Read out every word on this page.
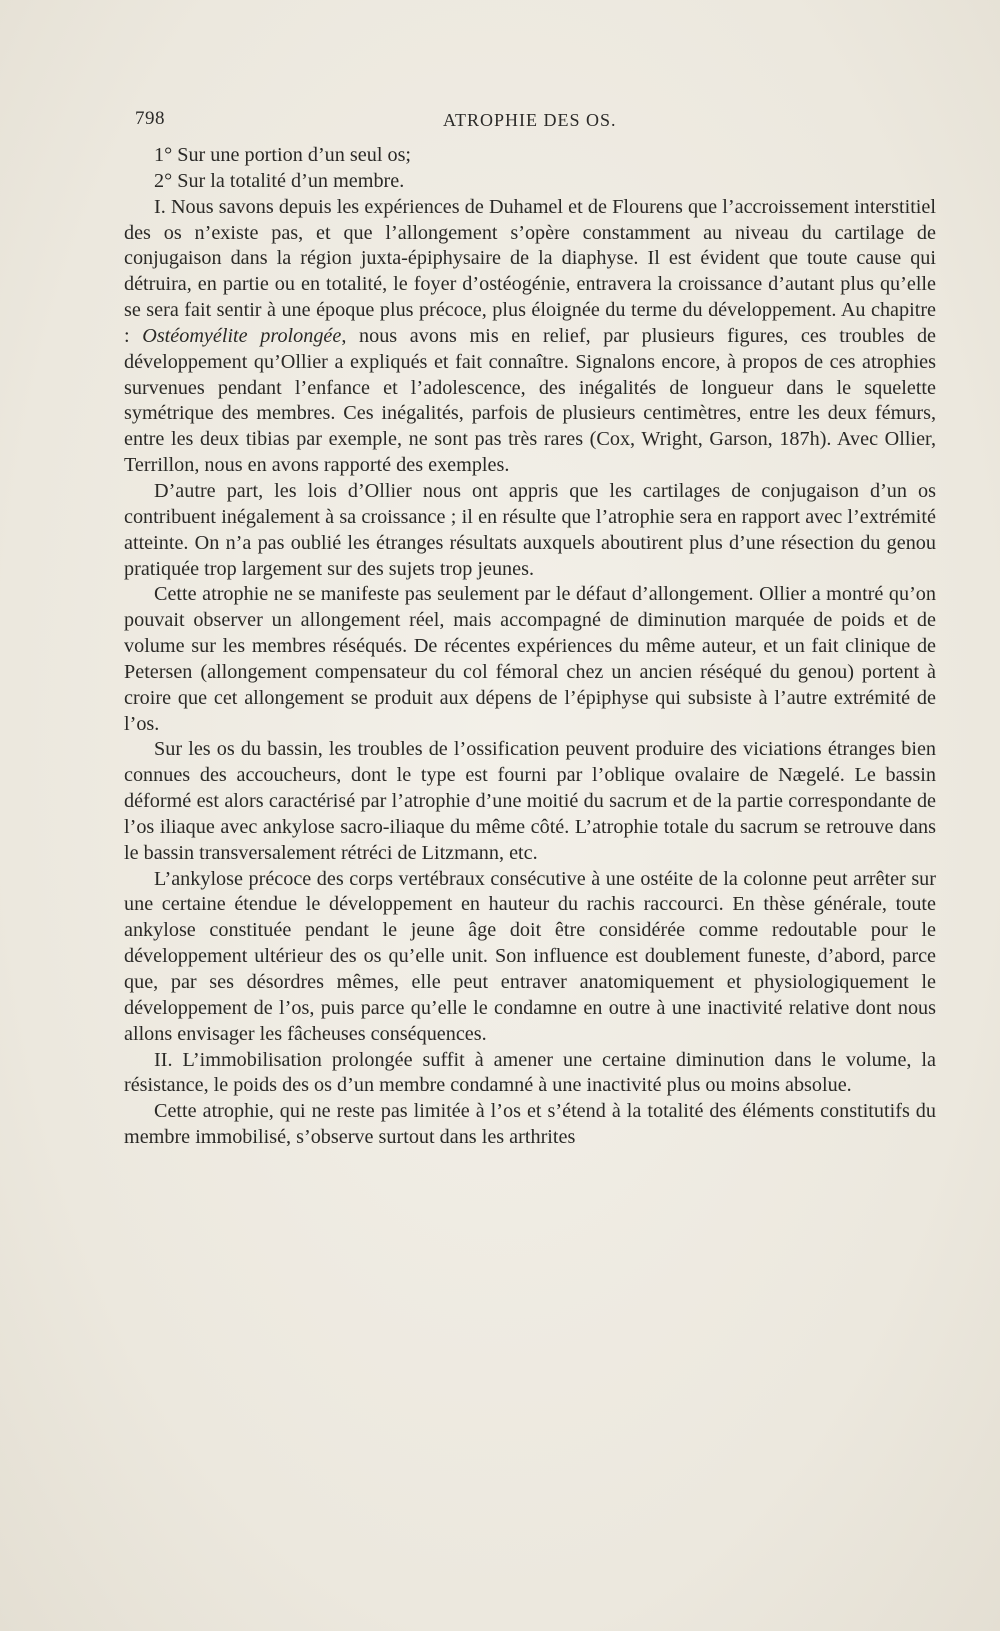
798	ATROPHIE DES OS.

1° Sur une portion d’un seul os;

2° Sur la totalité d’un membre.

I. Nous savons depuis les expériences de Duhamel et de Flourens que l’accroissement interstitiel des os n’existe pas, et que l’allongement s’opère constamment au niveau du cartilage de conjugaison dans la région juxta-épiphysaire de la diaphyse. Il est évident que toute cause qui détruira, en partie ou en totalité, le foyer d’ostéogénie, entravera la croissance d’autant plus qu’elle se sera fait sentir à une époque plus précoce, plus éloignée du terme du développement. Au chapitre : Ostéomyélite prolongée, nous avons mis en relief, par plusieurs figures, ces troubles de développement qu’Ollier a expliqués et fait connaître. Signalons encore, à propos de ces atrophies survenues pendant l’enfance et l’adolescence, des inégalités de longueur dans le squelette symétrique des membres. Ces inégalités, parfois de plusieurs centimètres, entre les deux fémurs, entre les deux tibias par exemple, ne sont pas très rares (Cox, Wright, Garson, 187h). Avec Ollier, Terrillon, nous en avons rapporté des exemples.

D’autre part, les lois d’Ollier nous ont appris que les cartilages de conjugaison d’un os contribuent inégalement à sa croissance ; il en résulte que l’atrophie sera en rapport avec l’extrémité atteinte. On n’a pas oublié les étranges résultats auxquels aboutirent plus d’une résection du genou pratiquée trop largement sur des sujets trop jeunes.

Cette atrophie ne se manifeste pas seulement par le défaut d’allongement. Ollier a montré qu’on pouvait observer un allongement réel, mais accompagné de diminution marquée de poids et de volume sur les membres réséqués. De récentes expériences du même auteur, et un fait clinique de Petersen (allongement compensateur du col fémoral chez un ancien réséqué du genou) portent à croire que cet allongement se produit aux dépens de l’épiphyse qui subsiste à l’autre extrémité de l’os.

Sur les os du bassin, les troubles de l’ossification peuvent produire des viciations étranges bien connues des accoucheurs, dont le type est fourni par l’oblique ovalaire de Nægelé. Le bassin déformé est alors caractérisé par l’atrophie d’une moitié du sacrum et de la partie correspondante de l’os iliaque avec ankylose sacro-iliaque du même côté. L’atrophie totale du sacrum se retrouve dans le bassin transversalement rétréci de Litzmann, etc.

L’ankylose précoce des corps vertébraux consécutive à une ostéite de la colonne peut arrêter sur une certaine étendue le développement en hauteur du rachis raccourci. En thèse générale, toute ankylose constituée pendant le jeune âge doit être considérée comme redoutable pour le développement ultérieur des os qu’elle unit. Son influence est doublement funeste, d’abord, parce que, par ses désordres mêmes, elle peut entraver anatomiquement et physiologiquement le développement de l’os, puis parce qu’elle le condamne en outre à une inactivité relative dont nous allons envisager les fâcheuses conséquences.

II. L’immobilisation prolongée suffit à amener une certaine diminution dans le volume, la résistance, le poids des os d’un membre condamné à une inactivité plus ou moins absolue.

Cette atrophie, qui ne reste pas limitée à l’os et s’étend à la totalité des éléments constitutifs du membre immobilisé, s’observe surtout dans les arthrites
